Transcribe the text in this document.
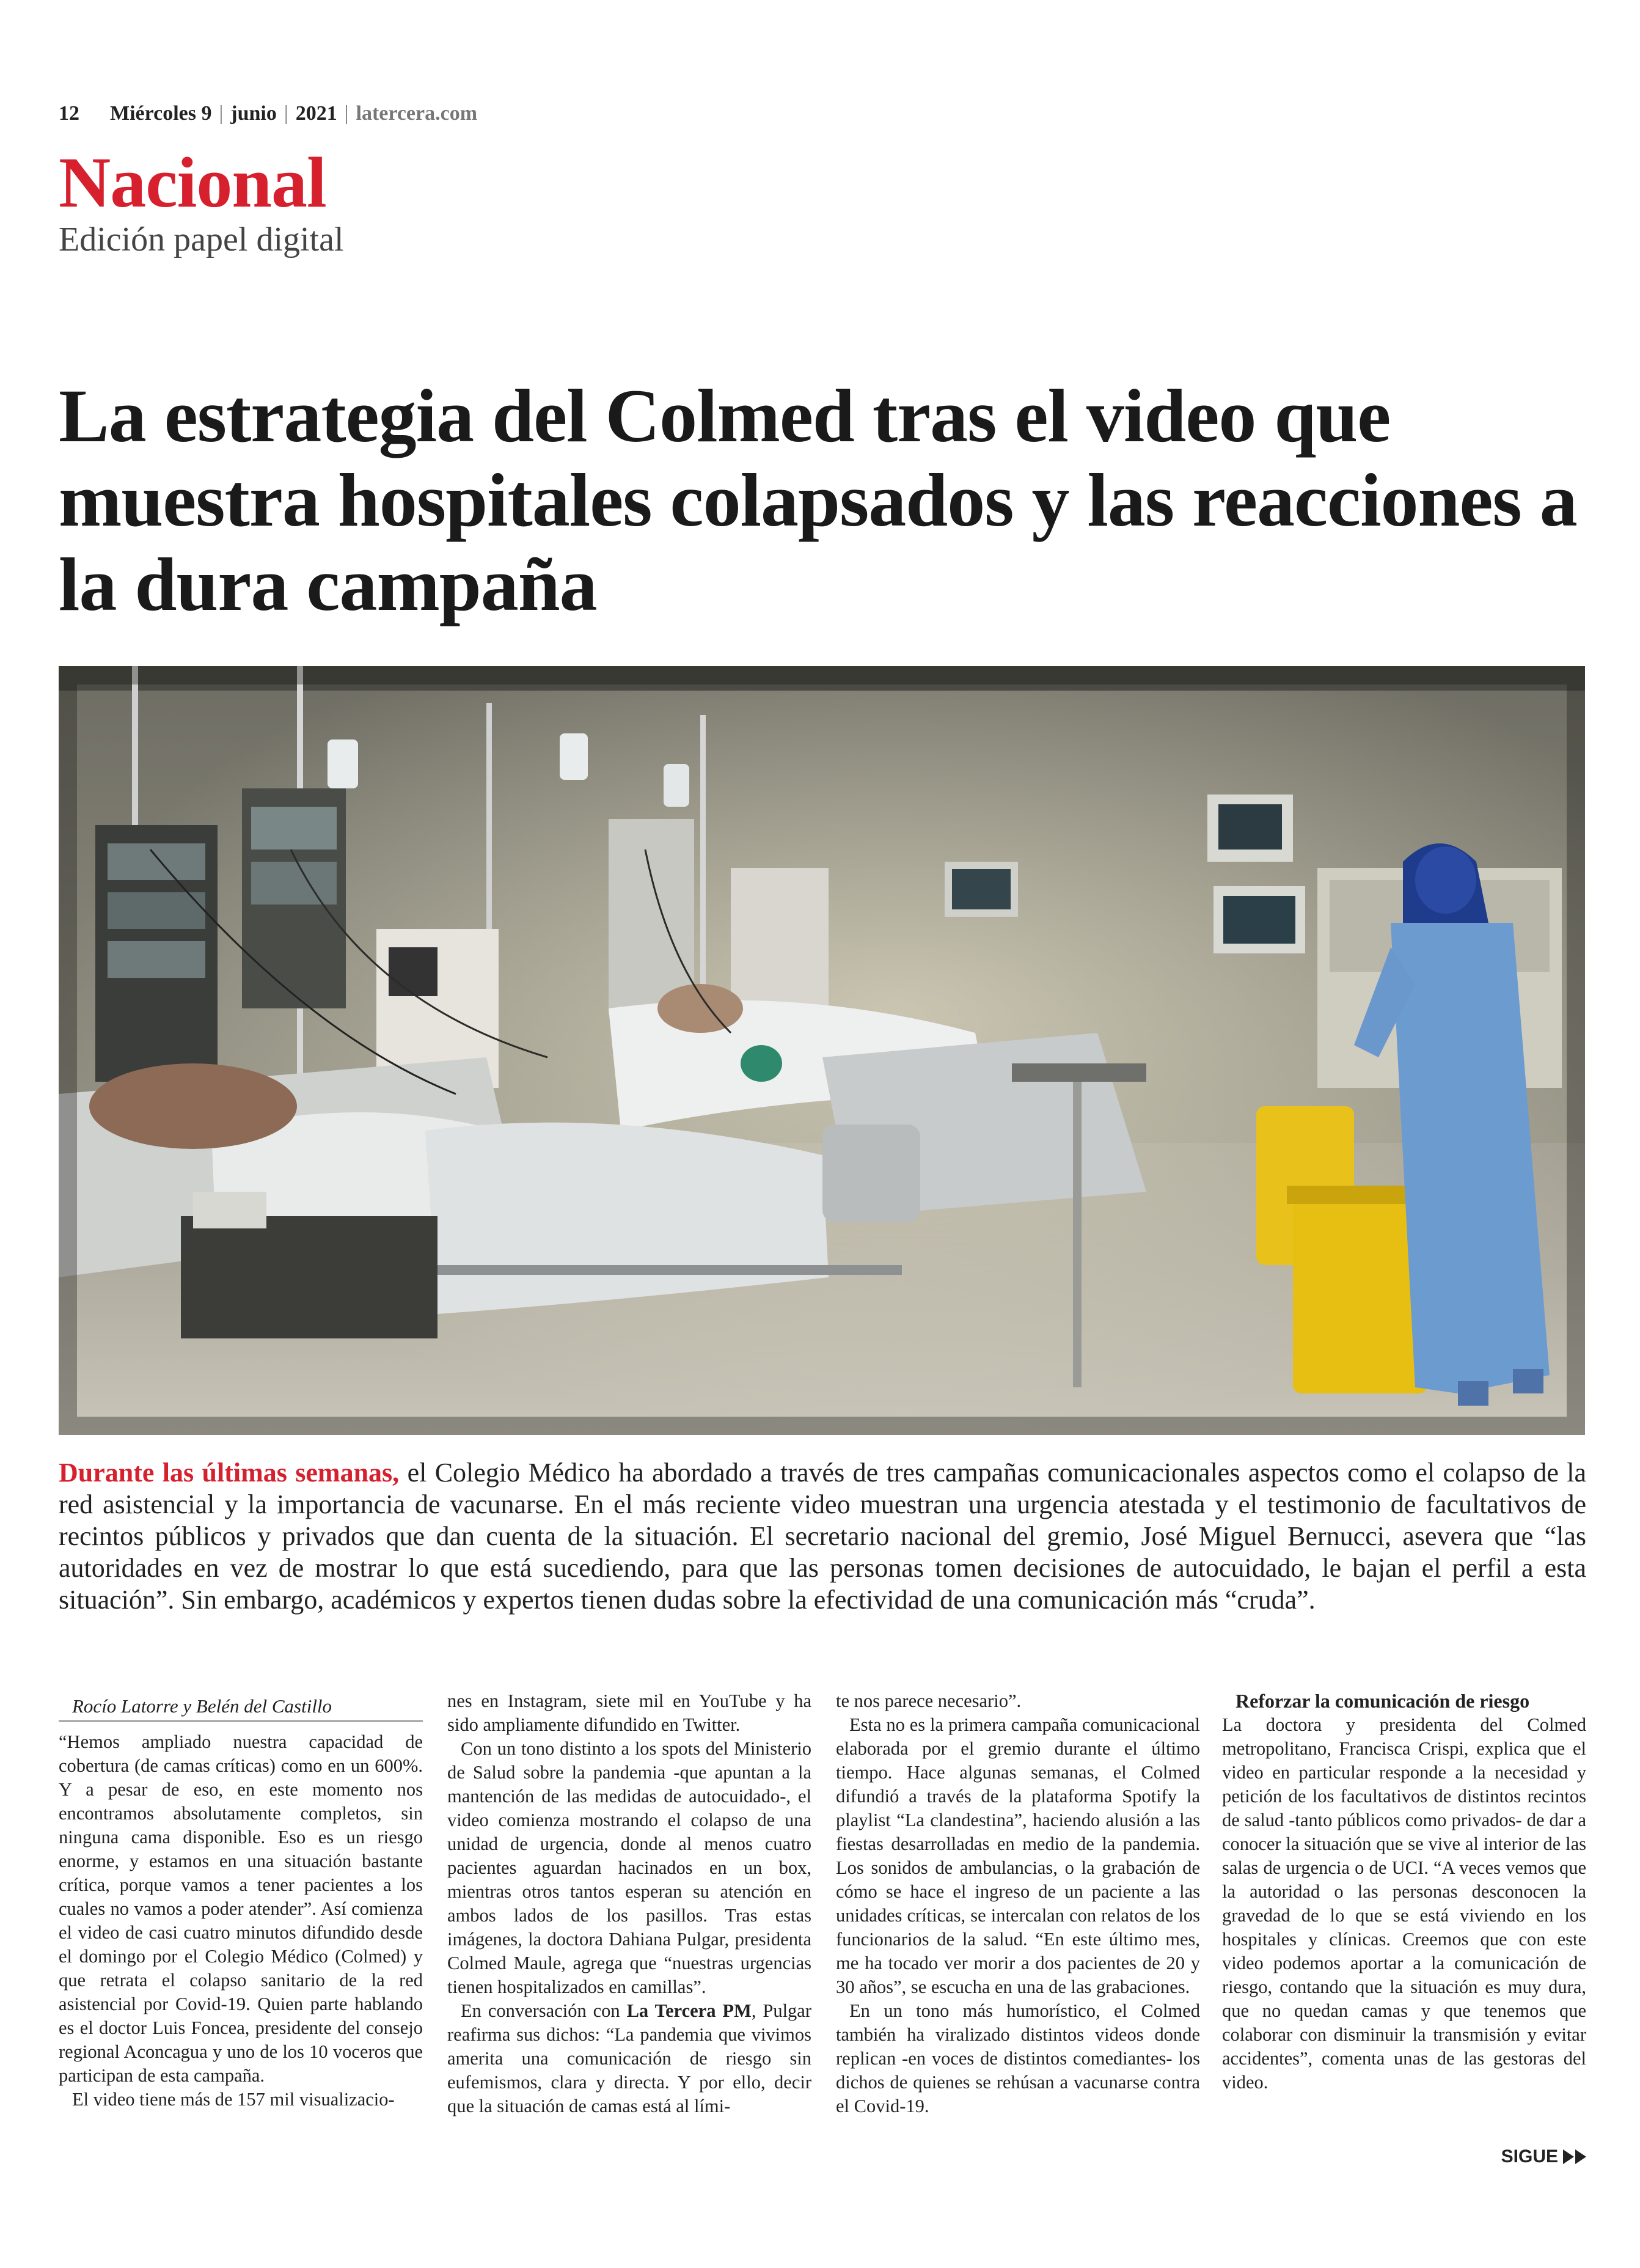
12 Miércoles 9 | junio | 2021 | latercera.com
Nacional
Edición papel digital
La estrategia del Colmed tras el video que muestra hospitales colapsados y las reacciones a la dura campaña

Durante las últimas semanas, el Colegio Médico ha abordado a través de tres campañas comunicacionales aspectos como el colapso de la red asistencial y la importancia de vacunarse. En el más reciente video muestran una urgencia atestada y el testimonio de facultativos de recintos públicos y privados que dan cuenta de la situación. El secretario nacional del gremio, José Miguel Bernucci, asevera que “las autoridades en vez de mostrar lo que está sucediendo, para que las personas tomen decisiones de autocuidado, le bajan el perfil a esta situación”. Sin embargo, académicos y expertos tienen dudas sobre la efectividad de una comunicación más “cruda”.

Rocío Latorre y Belén del Castillo

“Hemos ampliado nuestra capacidad de cobertura (de camas críticas) como en un 600%. Y a pesar de eso, en este momento nos encontramos absolutamente completos, sin ninguna cama disponible. Eso es un riesgo enorme, y estamos en una situación bastante crítica, porque vamos a tener pacientes a los cuales no vamos a poder atender”. Así comienza el video de casi cuatro minutos difundido desde el domingo por el Colegio Médico (Colmed) y que retrata el colapso sanitario de la red asistencial por Covid-19. Quien parte hablando es el doctor Luis Foncea, presidente del consejo regional Aconcagua y uno de los 10 voceros que participan de esta campaña.

El video tiene más de 157 mil visualizacio-

nes en Instagram, siete mil en YouTube y ha sido ampliamente difundido en Twitter.

Con un tono distinto a los spots del Ministerio de Salud sobre la pandemia -que apuntan a la mantención de las medidas de autocuidado-, el video comienza mostrando el colapso de una unidad de urgencia, donde al menos cuatro pacientes aguardan hacinados en un box, mientras otros tantos esperan su atención en ambos lados de los pasillos. Tras estas imágenes, la doctora Dahiana Pulgar, presidenta Colmed Maule, agrega que “nuestras urgencias tienen hospitalizados en camillas”.

En conversación con La Tercera PM, Pulgar reafirma sus dichos: “La pandemia que vivimos amerita una comunicación de riesgo sin eufemismos, clara y directa. Y por ello, decir que la situación de camas está al lími-

te nos parece necesario”.

Esta no es la primera campaña comunicacional elaborada por el gremio durante el último tiempo. Hace algunas semanas, el Colmed difundió a través de la plataforma Spotify la playlist “La clandestina”, haciendo alusión a las fiestas desarrolladas en medio de la pandemia. Los sonidos de ambulancias, o la grabación de cómo se hace el ingreso de un paciente a las unidades críticas, se intercalan con relatos de los funcionarios de la salud. “En este último mes, me ha tocado ver morir a dos pacientes de 20 y 30 años”, se escucha en una de las grabaciones.

En un tono más humorístico, el Colmed también ha viralizado distintos videos donde replican -en voces de distintos comediantes- los dichos de quienes se rehúsan a vacunarse contra el Covid-19.

Reforzar la comunicación de riesgo

La doctora y presidenta del Colmed metropolitano, Francisca Crispi, explica que el video en particular responde a la necesidad y petición de los facultativos de distintos recintos de salud -tanto públicos como privados- de dar a conocer la situación que se vive al interior de las salas de urgencia o de UCI. “A veces vemos que la autoridad o las personas desconocen la gravedad de lo que se está viviendo en los hospitales y clínicas. Creemos que con este video podemos aportar a la comunicación de riesgo, contando que la situación es muy dura, que no quedan camas y que tenemos que colaborar con disminuir la transmisión y evitar accidentes”, comenta unas de las gestoras del video.

SIGUE
